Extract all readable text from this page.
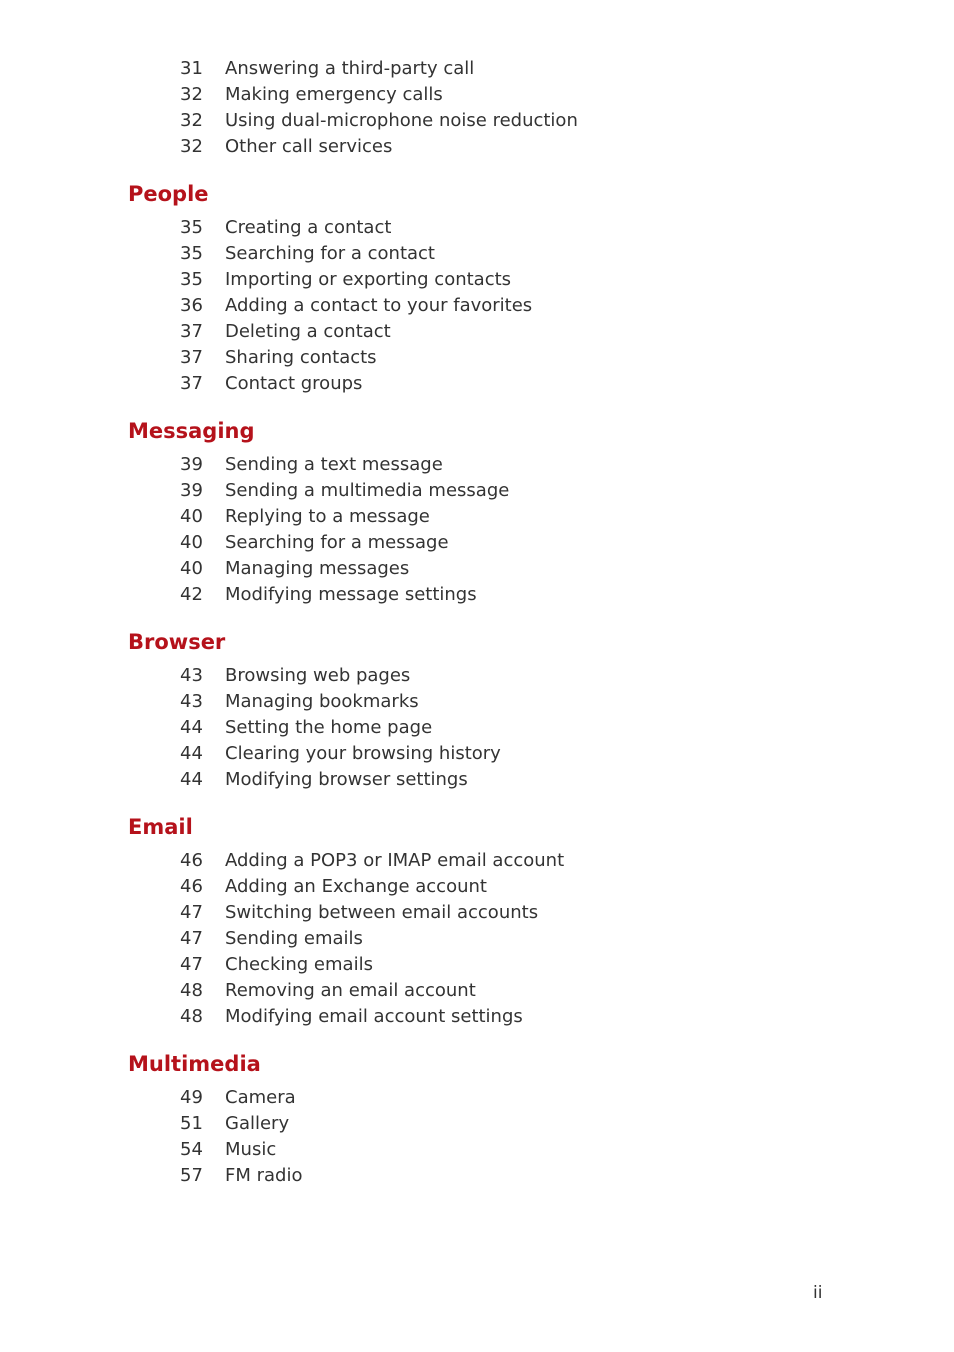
31 Answering a third-party call
32 Making emergency calls
32 Using dual-microphone noise reduction
32 Other call services
People
35 Creating a contact
35 Searching for a contact
35 Importing or exporting contacts
36 Adding a contact to your favorites
37 Deleting a contact
37 Sharing contacts
37 Contact groups
Messaging
39 Sending a text message
39 Sending a multimedia message
40 Replying to a message
40 Searching for a message
40 Managing messages
42 Modifying message settings
Browser
43 Browsing web pages
43 Managing bookmarks
44 Setting the home page
44 Clearing your browsing history
44 Modifying browser settings
Email
46 Adding a POP3 or IMAP email account
46 Adding an Exchange account
47 Switching between email accounts
47 Sending emails
47 Checking emails
48 Removing an email account
48 Modifying email account settings
Multimedia
49 Camera
51 Gallery
54 Music
57 FM radio
ii
